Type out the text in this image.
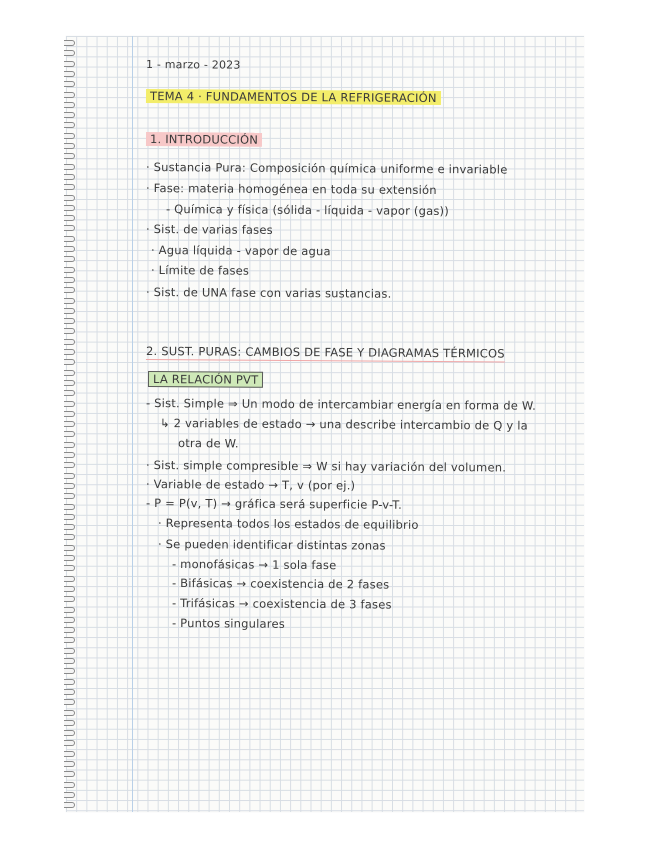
1 - marzo - 2023
TEMA 4 · FUNDAMENTOS DE LA REFRIGERACIÓN
1. INTRODUCCIÓN
· Sustancia Pura: Composición química uniforme e invariable
· Fase: materia homogénea en toda su extensión
- Química y física (sólida - líquida - vapor (gas))
· Sist. de varias fases
· Agua líquida - vapor de agua
· Límite de fases
· Sist. de UNA fase con varias sustancias.
2. SUST. PURAS: CAMBIOS DE FASE Y DIAGRAMAS TÉRMICOS
LA RELACIÓN PVT
- Sist. Simple ⇒ Un modo de intercambiar energía en forma de W.
↳ 2 variables de estado → una describe intercambio de Q y la
otra de W.
· Sist. simple compresible ⇒ W si hay variación del volumen.
· Variable de estado → T, v (por ej.)
- P = P(v, T) → gráfica será superficie P-v-T.
· Representa todos los estados de equilibrio
· Se pueden identificar distintas zonas
- monofásicas → 1 sola fase
- Bifásicas → coexistencia de 2 fases
- Trifásicas → coexistencia de 3 fases
- Puntos singulares
